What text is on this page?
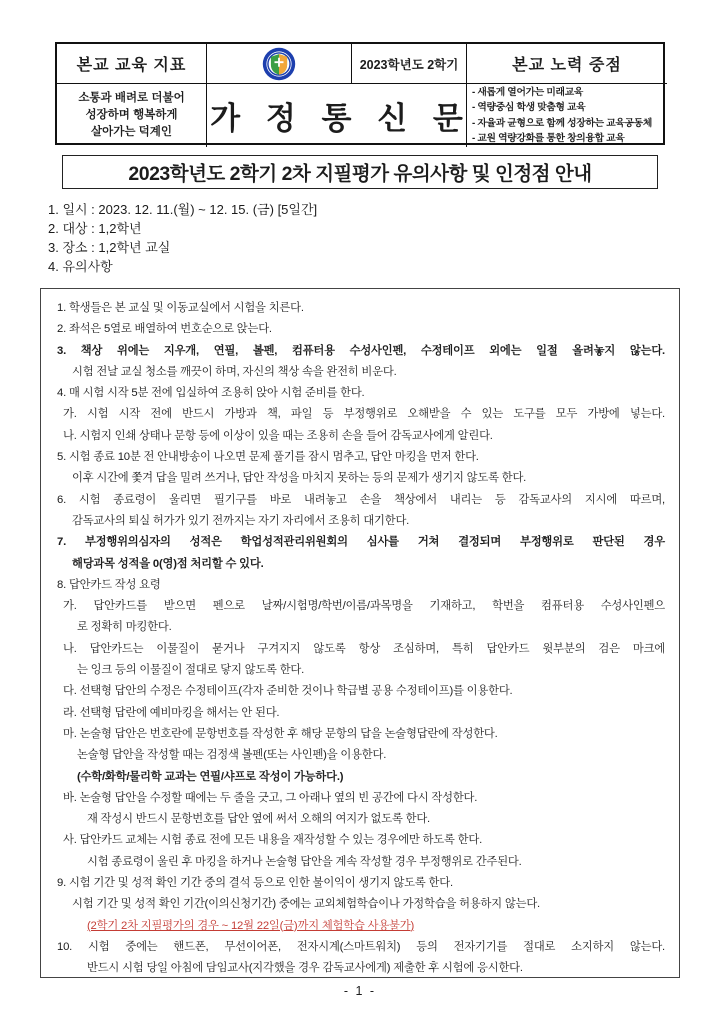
본교 교육 지표	2023학년도 2학기	본교 노력 중점
소통과 배려로 더불어
성장하며 행복하게
살아가는 덕계인 가 정 통 신 문
- 새롭게 열어가는 미래교육
- 역량중심 학생 맞춤형 교육
- 자율과 균형으로 함께 성장하는 교육공동체
- 교원 역량강화를 통한 창의융합 교육
2023학년도 2학기 2차 지필평가 유의사항 및 인정점 안내
1. 일시 : 2023. 12. 11.(월) ~ 12. 15. (금) [5일간]
2. 대상 : 1,2학년
3. 장소 : 1,2학년 교실
4. 유의사항
1. 학생들은 본 교실 및 이동교실에서 시험을 치른다.
2. 좌석은 5열로 배열하여 번호순으로 앉는다.
3. 책상 위에는 지우개, 연필, 볼펜, 컴퓨터용 수성사인펜, 수정테이프 외에는 일절 올려놓지 않는다.
시험 전날 교실 청소를 깨끗이 하며, 자신의 책상 속을 완전히 비운다.
4. 매 시험 시작 5분 전에 입실하여 조용히 앉아 시험 준비를 한다.
가. 시험 시작 전에 반드시 가방과 책, 파일 등 부정행위로 오해받을 수 있는 도구를 모두 가방에 넣는다.
나. 시험지 인쇄 상태나 문항 등에 이상이 있을 때는 조용히 손을 들어 감독교사에게 알린다.
5. 시험 종료 10분 전 안내방송이 나오면 문제 풀기를 잠시 멈추고, 답안 마킹을 먼저 한다.
이후 시간에 쫓겨 답을 밀려 쓰거나, 답안 작성을 마치지 못하는 등의 문제가 생기지 않도록 한다.
6. 시험 종료령이 울리면 필기구를 바로 내려놓고 손을 책상에서 내리는 등 감독교사의 지시에 따르며,
감독교사의 퇴실 허가가 있기 전까지는 자기 자리에서 조용히 대기한다.
7. 부정행위의심자의 성적은 학업성적관리위원회의 심사를 거쳐 결정되며 부정행위로 판단된 경우
해당과목 성적을 0(영)점 처리할 수 있다.
8. 답안카드 작성 요령
가. 답안카드를 받으면 펜으로 날짜/시험명/학번/이름/과목명을 기재하고, 학번을 컴퓨터용 수성사인펜으
로 정확히 마킹한다.
나. 답안카드는 이물질이 묻거나 구겨지지 않도록 항상 조심하며, 특히 답안카드 윗부분의 검은 마크에
는 잉크 등의 이물질이 절대로 닿지 않도록 한다.
다. 선택형 답안의 수정은 수정테이프(각자 준비한 것이나 학급별 공용 수정테이프)를 이용한다.
라. 선택형 답란에 예비마킹을 해서는 안 된다.
마. 논술형 답안은 번호란에 문항번호를 작성한 후 해당 문항의 답을 논술형답란에 작성한다.
논술형 답안을 작성할 때는 검정색 볼펜(또는 사인펜)을 이용한다.
(수학/화학/물리학 교과는 연필/샤프로 작성이 가능하다.)
바. 논술형 답안을 수정할 때에는 두 줄을 긋고, 그 아래나 옆의 빈 공간에 다시 작성한다.
재 작성시 반드시 문항번호를 답안 옆에 써서 오해의 여지가 없도록 한다.
사. 답안카드 교체는 시험 종료 전에 모든 내용을 재작성할 수 있는 경우에만 하도록 한다.
시험 종료령이 울린 후 마킹을 하거나 논술형 답안을 계속 작성할 경우 부정행위로 간주된다.
9. 시험 기간 및 성적 확인 기간 중의 결석 등으로 인한 불이익이 생기지 않도록 한다.
시험 기간 및 성적 확인 기간(이의신청기간) 중에는 교외체험학습이나 가정학습을 허용하지 않는다.
(2학기 2차 지필평가의 경우 ~ 12월 22일(금)까지 체험학습 사용불가)
10. 시험 중에는 핸드폰, 무선이어폰, 전자시계(스마트워치) 등의 전자기기를 절대로 소지하지 않는다.
반드시 시험 당일 아침에 담임교사(지각했을 경우 감독교사에게) 제출한 후 시험에 응시한다.
- 1 -
